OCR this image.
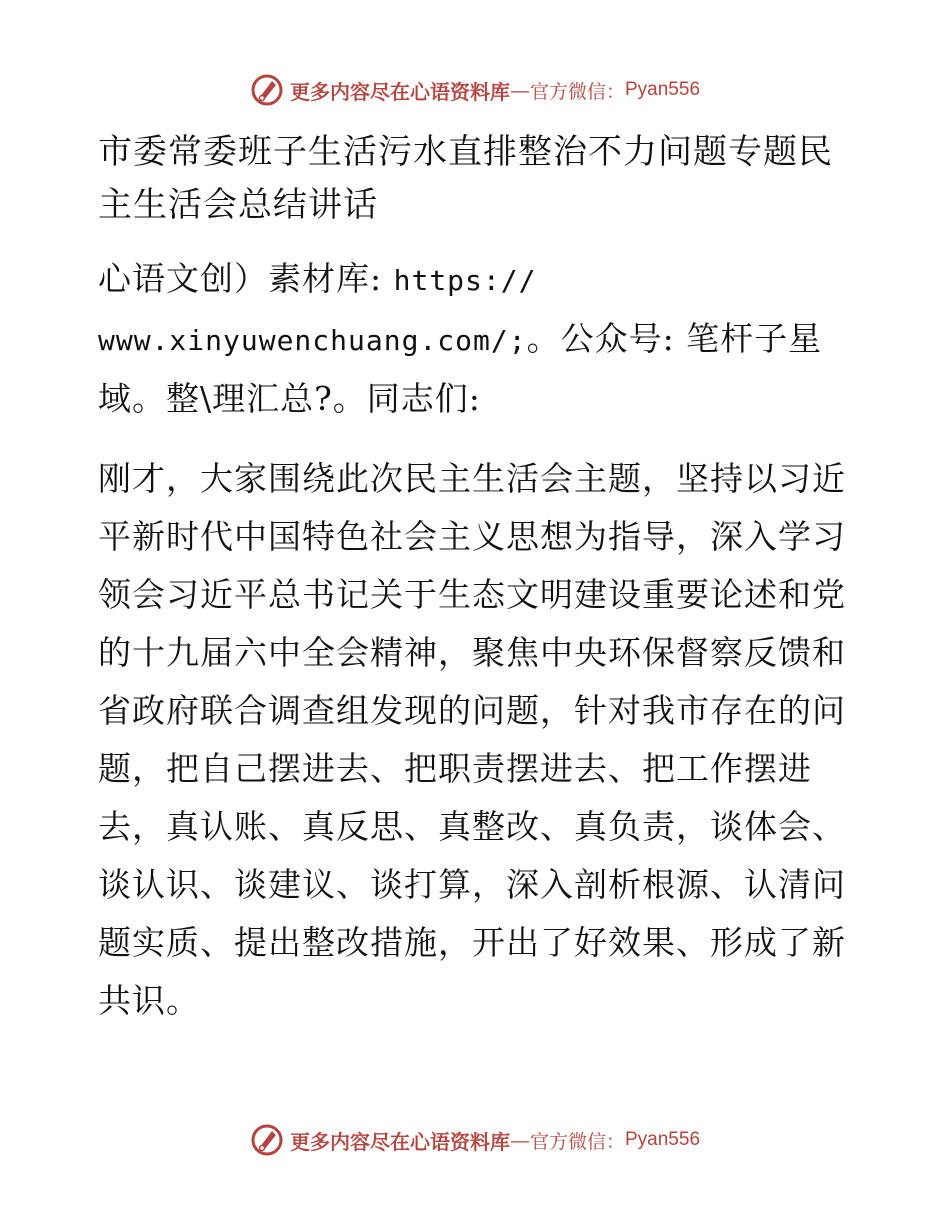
更多内容尽在心语资料库 — 官方微信： Pyan556

市委常委班子生活污水直排整治不力问题专题民主生活会总结讲话

心语文创）素材库: https://
www.xinyuwenchuang.com/;。公众号: 笔杆子星域。整\理汇总?。同志们:

刚才，大家围绕此次民主生活会主题，坚持以习近平新时代中国特色社会主义思想为指导，深入学习领会习近平总书记关于生态文明建设重要论述和党的十九届六中全会精神，聚焦中央环保督察反馈和省政府联合调查组发现的问题，针对我市存在的问题，把自己摆进去、把职责摆进去、把工作摆进去，真认账、真反思、真整改、真负责，谈体会、谈认识、谈建议、谈打算，深入剖析根源、认清问题实质、提出整改措施，开出了好效果、形成了新共识。

更多内容尽在心语资料库 — 官方微信： Pyan556
